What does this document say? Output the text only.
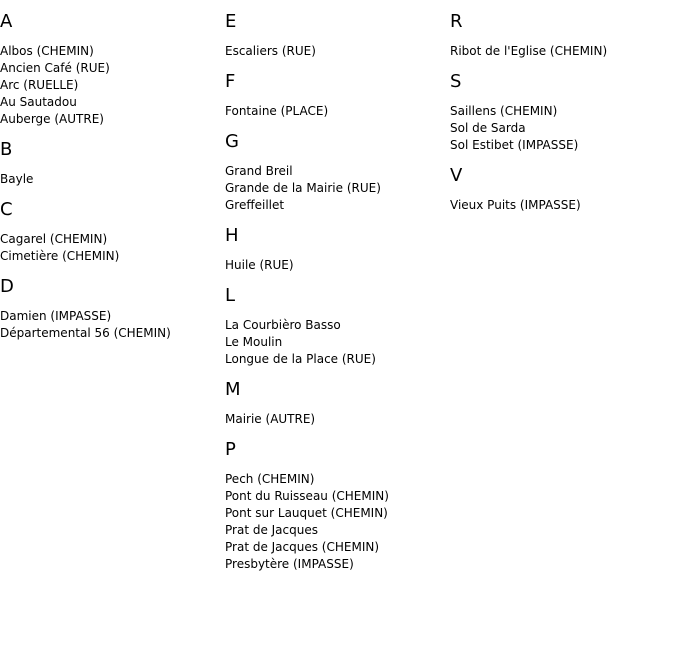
A
Albos (CHEMIN)
Ancien Café (RUE)
Arc (RUELLE)
Au Sautadou
Auberge (AUTRE)
B
Bayle
C
Cagarel (CHEMIN)
Cimetière (CHEMIN)
D
Damien (IMPASSE)
Départemental 56 (CHEMIN)
E
Escaliers (RUE)
F
Fontaine (PLACE)
G
Grand Breil
Grande de la Mairie (RUE)
Greffeillet
H
Huile (RUE)
L
La Courbièro Basso
Le Moulin
Longue de la Place (RUE)
M
Mairie (AUTRE)
P
Pech (CHEMIN)
Pont du Ruisseau (CHEMIN)
Pont sur Lauquet (CHEMIN)
Prat de Jacques
Prat de Jacques (CHEMIN)
Presbytère (IMPASSE)
R
Ribot de l'Eglise (CHEMIN)
S
Saillens (CHEMIN)
Sol de Sarda
Sol Estibet (IMPASSE)
V
Vieux Puits (IMPASSE)
